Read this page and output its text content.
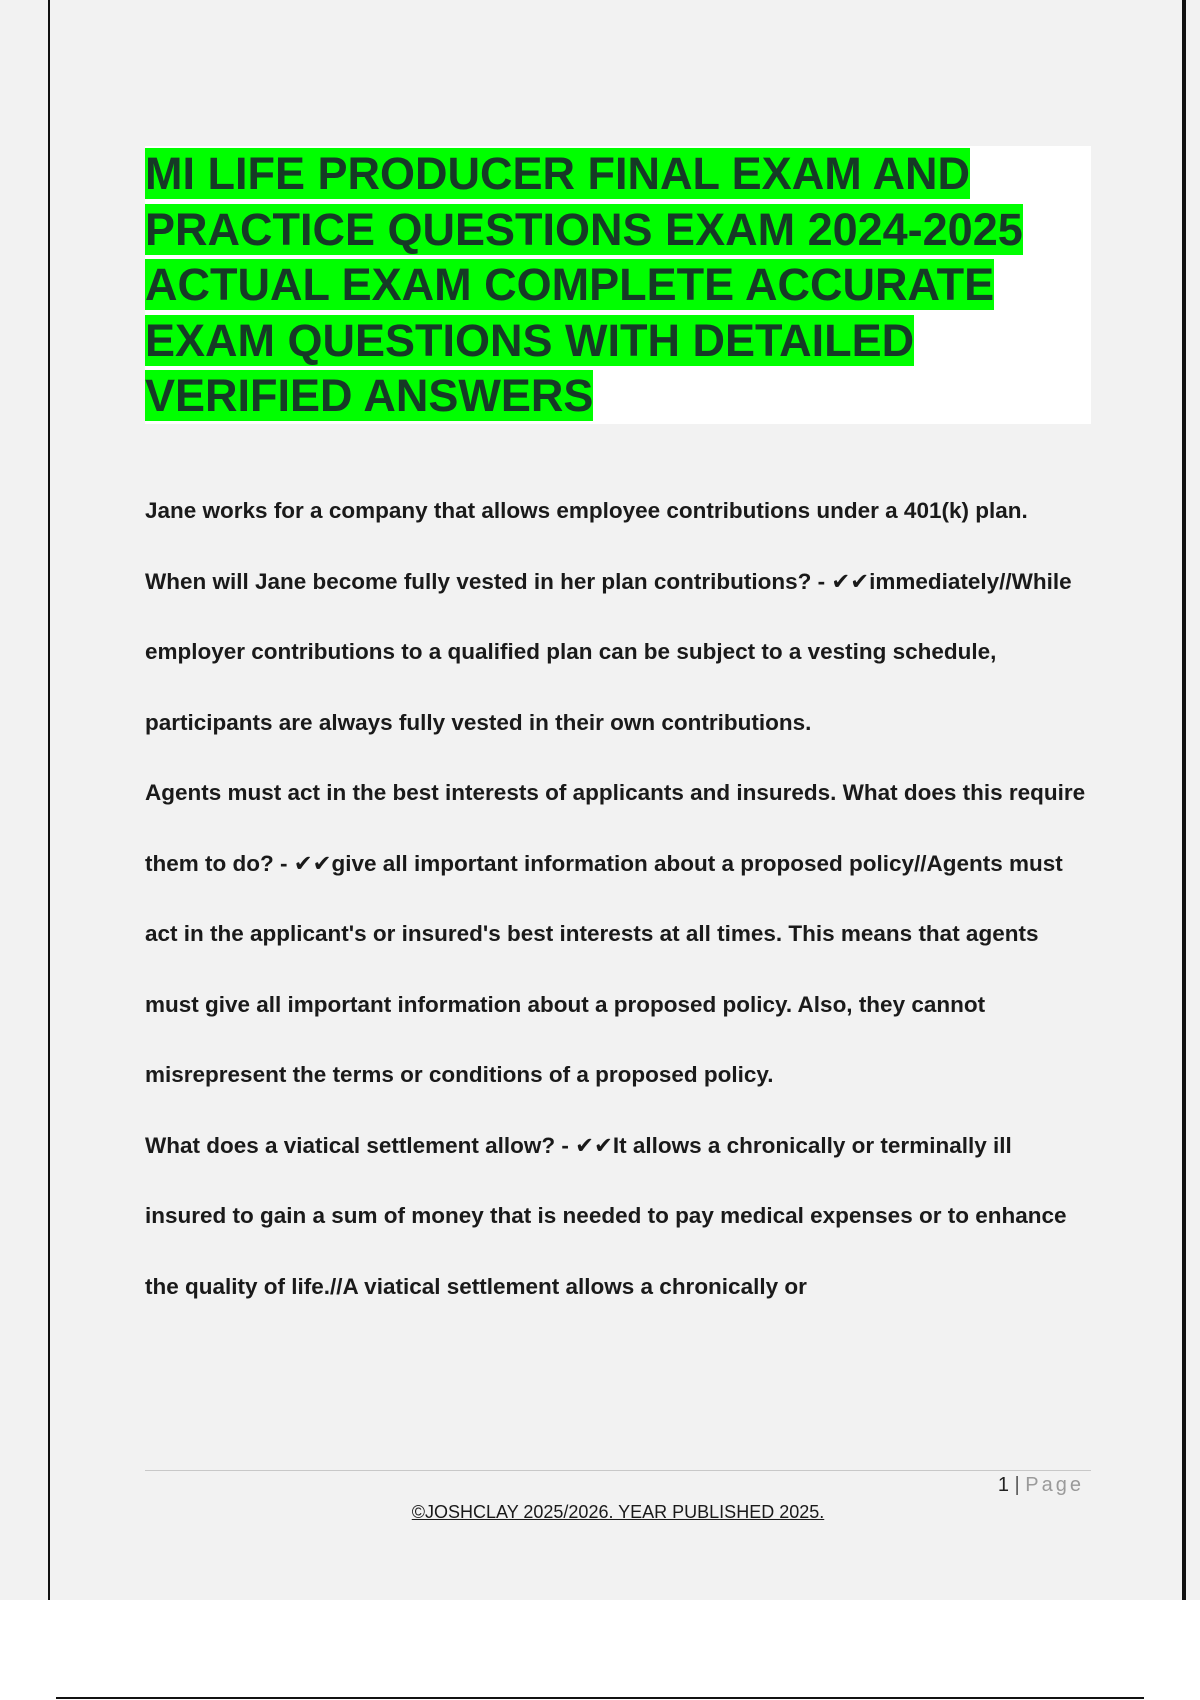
MI LIFE PRODUCER FINAL EXAM AND PRACTICE QUESTIONS EXAM 2024-2025 ACTUAL EXAM COMPLETE ACCURATE EXAM QUESTIONS WITH DETAILED VERIFIED ANSWERS

Jane works for a company that allows employee contributions under a 401(k) plan. When will Jane become fully vested in her plan contributions? - ✔✔immediately//While employer contributions to a qualified plan can be subject to a vesting schedule, participants are always fully vested in their own contributions.

Agents must act in the best interests of applicants and insureds. What does this require them to do? - ✔✔give all important information about a proposed policy//Agents must act in the applicant's or insured's best interests at all times. This means that agents must give all important information about a proposed policy. Also, they cannot misrepresent the terms or conditions of a proposed policy.

What does a viatical settlement allow? - ✔✔It allows a chronically or terminally ill insured to gain a sum of money that is needed to pay medical expenses or to enhance the quality of life.//A viatical settlement allows a chronically or

1 | Page
©JOSHCLAY 2025/2026. YEAR PUBLISHED 2025.
